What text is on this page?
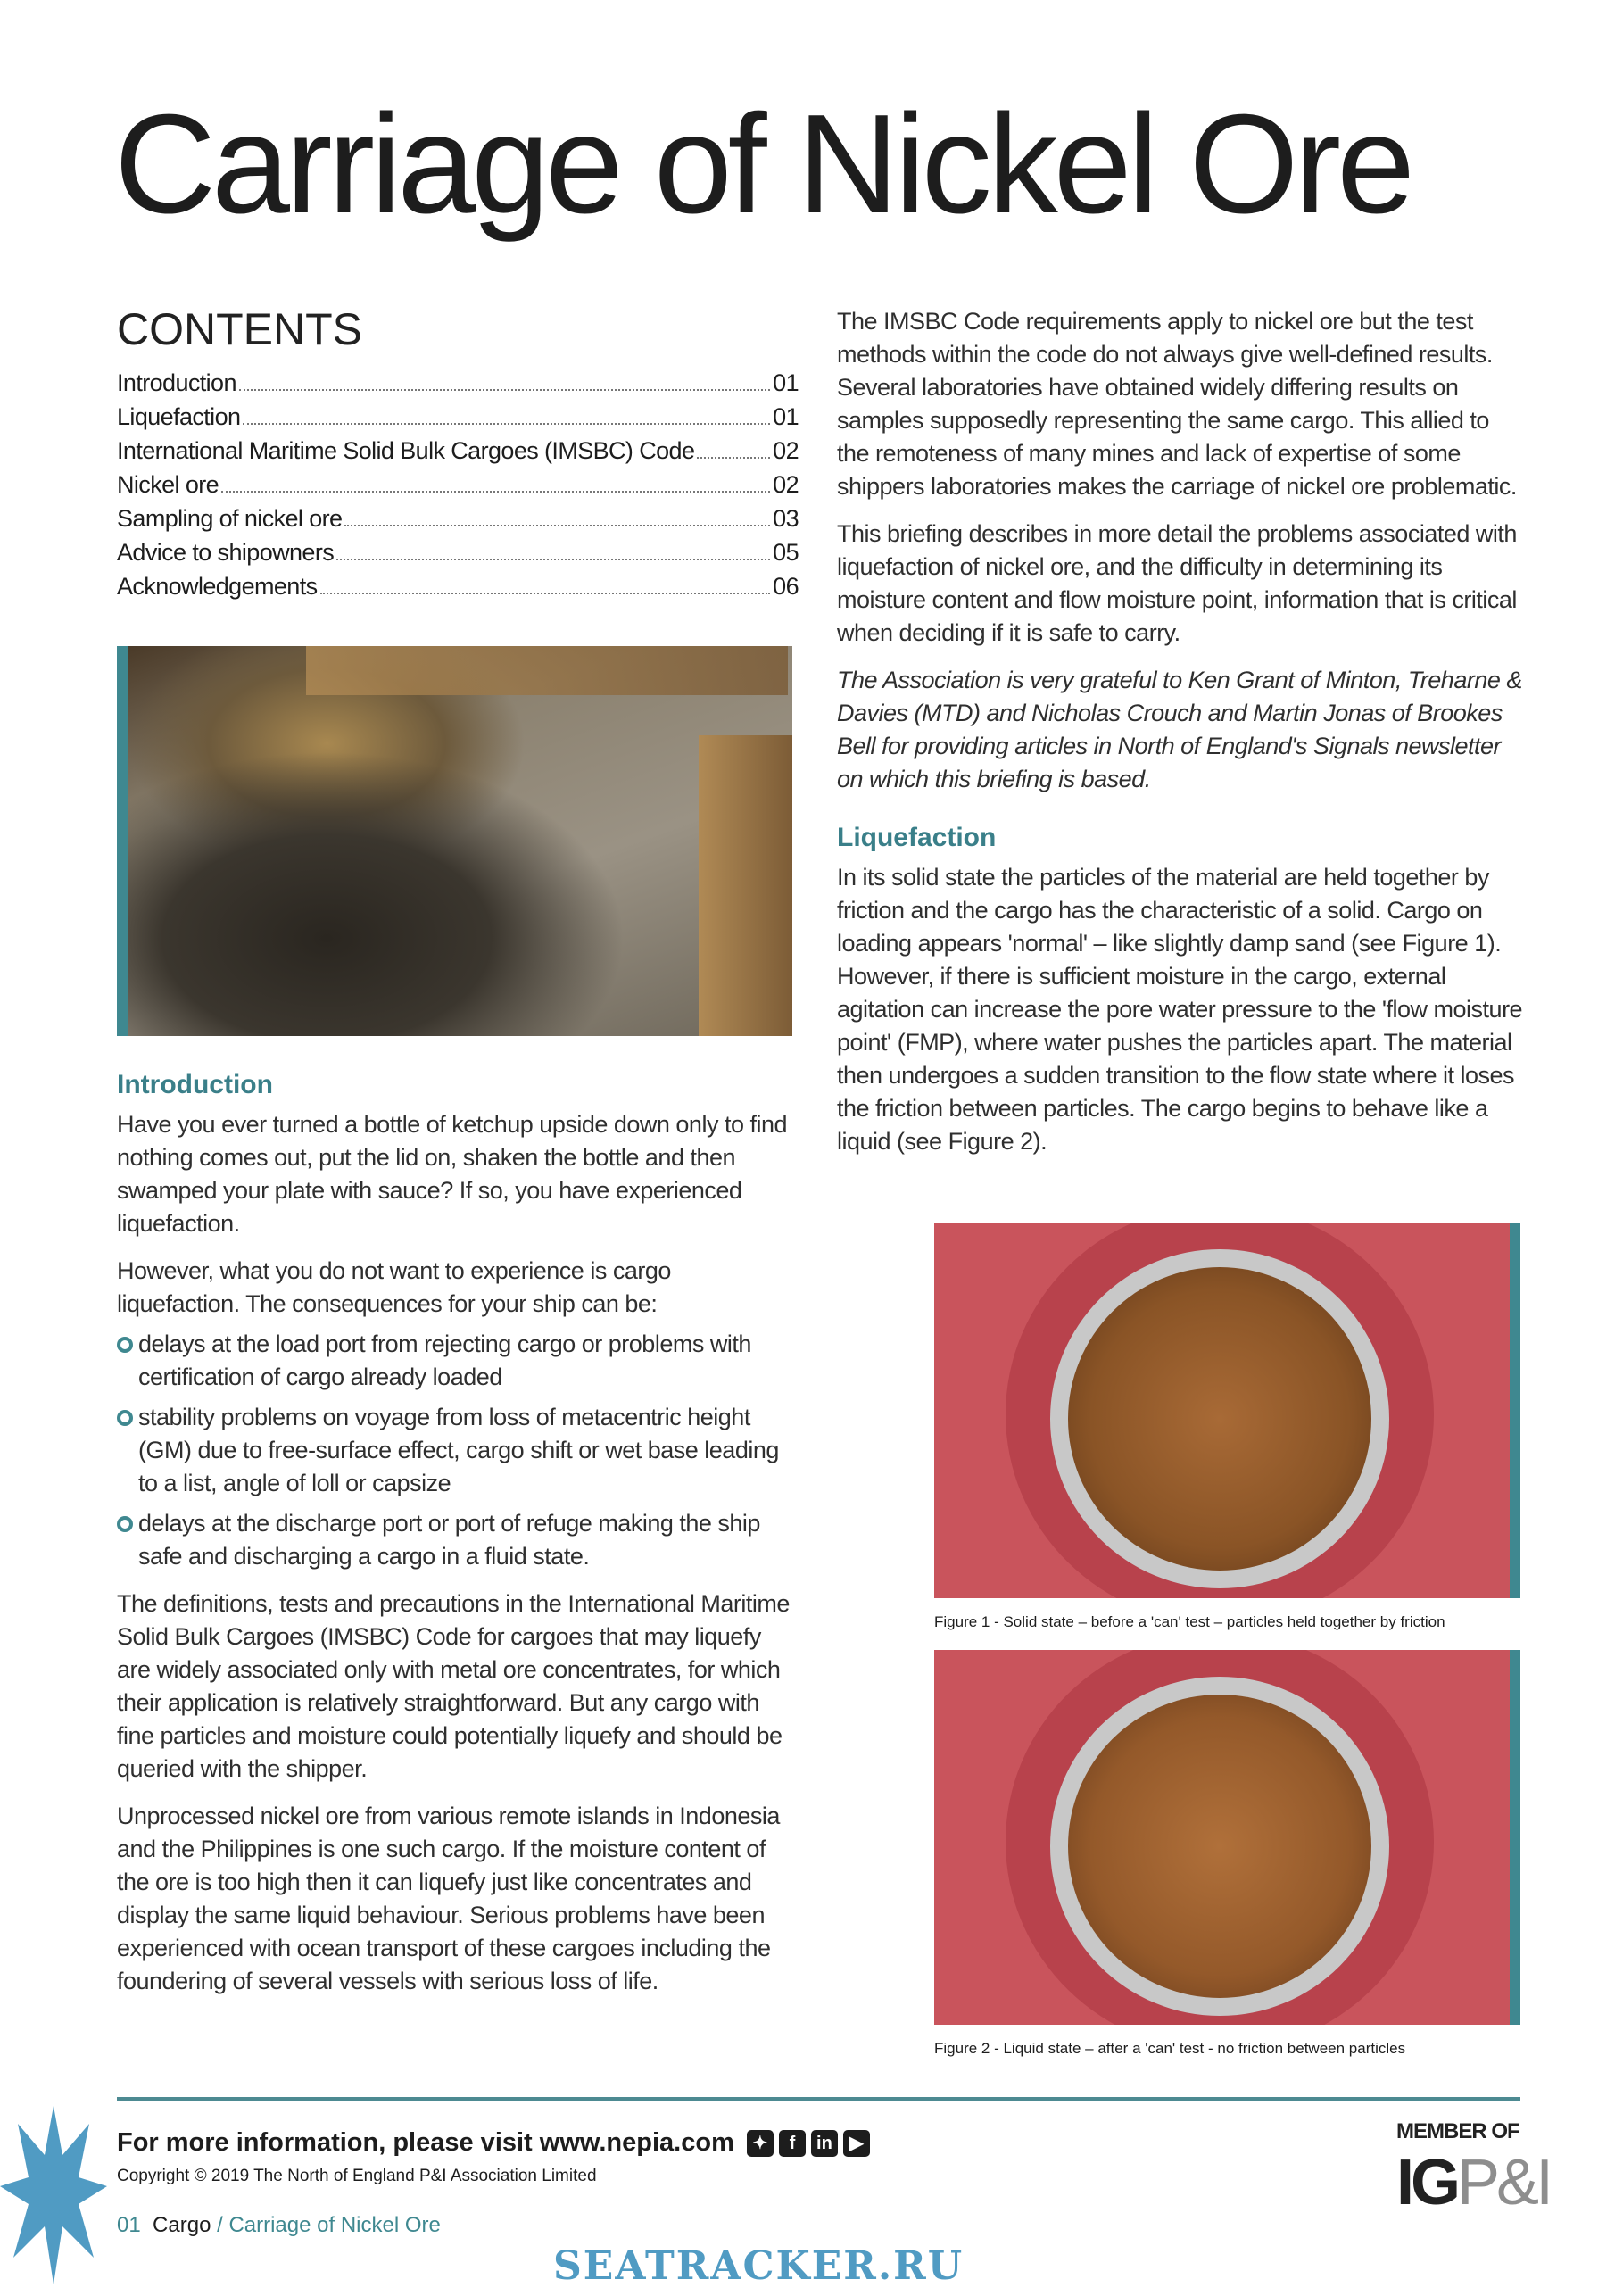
Carriage of Nickel Ore
CONTENTS
Introduction	01
Liquefaction	01
International Maritime Solid Bulk Cargoes (IMSBC) Code	02
Nickel ore	02
Sampling of nickel ore	03
Advice to shipowners	05
Acknowledgements	06
Introduction

Have you ever turned a bottle of ketchup upside down only to find nothing comes out, put the lid on, shaken the bottle and then swamped your plate with sauce? If so, you have experienced liquefaction.

However, what you do not want to experience is cargo liquefaction. The consequences for your ship can be:

delays at the load port from rejecting cargo or problems with certification of cargo already loaded
stability problems on voyage from loss of metacentric height (GM) due to free-surface effect, cargo shift or wet base leading to a list, angle of loll or capsize
delays at the discharge port or port of refuge making the ship safe and discharging a cargo in a fluid state.

The definitions, tests and precautions in the International Maritime Solid Bulk Cargoes (IMSBC) Code for cargoes that may liquefy are widely associated only with metal ore concentrates, for which their application is relatively straightforward. But any cargo with fine particles and moisture could potentially liquefy and should be queried with the shipper.

Unprocessed nickel ore from various remote islands in Indonesia and the Philippines is one such cargo. If the moisture content of the ore is too high then it can liquefy just like concentrates and display the same liquid behaviour. Serious problems have been experienced with ocean transport of these cargoes including the foundering of several vessels with serious loss of life.

The IMSBC Code requirements apply to nickel ore but the test methods within the code do not always give well-defined results. Several laboratories have obtained widely differing results on samples supposedly representing the same cargo. This allied to the remoteness of many mines and lack of expertise of some shippers laboratories makes the carriage of nickel ore problematic.

This briefing describes in more detail the problems associated with liquefaction of nickel ore, and the difficulty in determining its moisture content and flow moisture point, information that is critical when deciding if it is safe to carry.

The Association is very grateful to Ken Grant of Minton, Treharne & Davies (MTD) and Nicholas Crouch and Martin Jonas of Brookes Bell for providing articles in North of England's Signals newsletter on which this briefing is based.

Liquefaction

In its solid state the particles of the material are held together by friction and the cargo has the characteristic of a solid. Cargo on loading appears 'normal' – like slightly damp sand (see Figure 1). However, if there is sufficient moisture in the cargo, external agitation can increase the pore water pressure to the 'flow moisture point' (FMP), where water pushes the particles apart. The material then undergoes a sudden transition to the flow state where it loses the friction between particles. The cargo begins to behave like a liquid (see Figure 2).

Figure 1 - Solid state – before a 'can' test – particles held together by friction
Figure 2 - Liquid state – after a 'can' test - no friction between particles
For more information, please visit www.nepia.com ✦ f in ▶
Copyright © 2019 The North of England P&I Association Limited
01 Cargo / Carriage of Nickel Ore
MEMBER OF
IGP&I
SEATRACKER.RU
